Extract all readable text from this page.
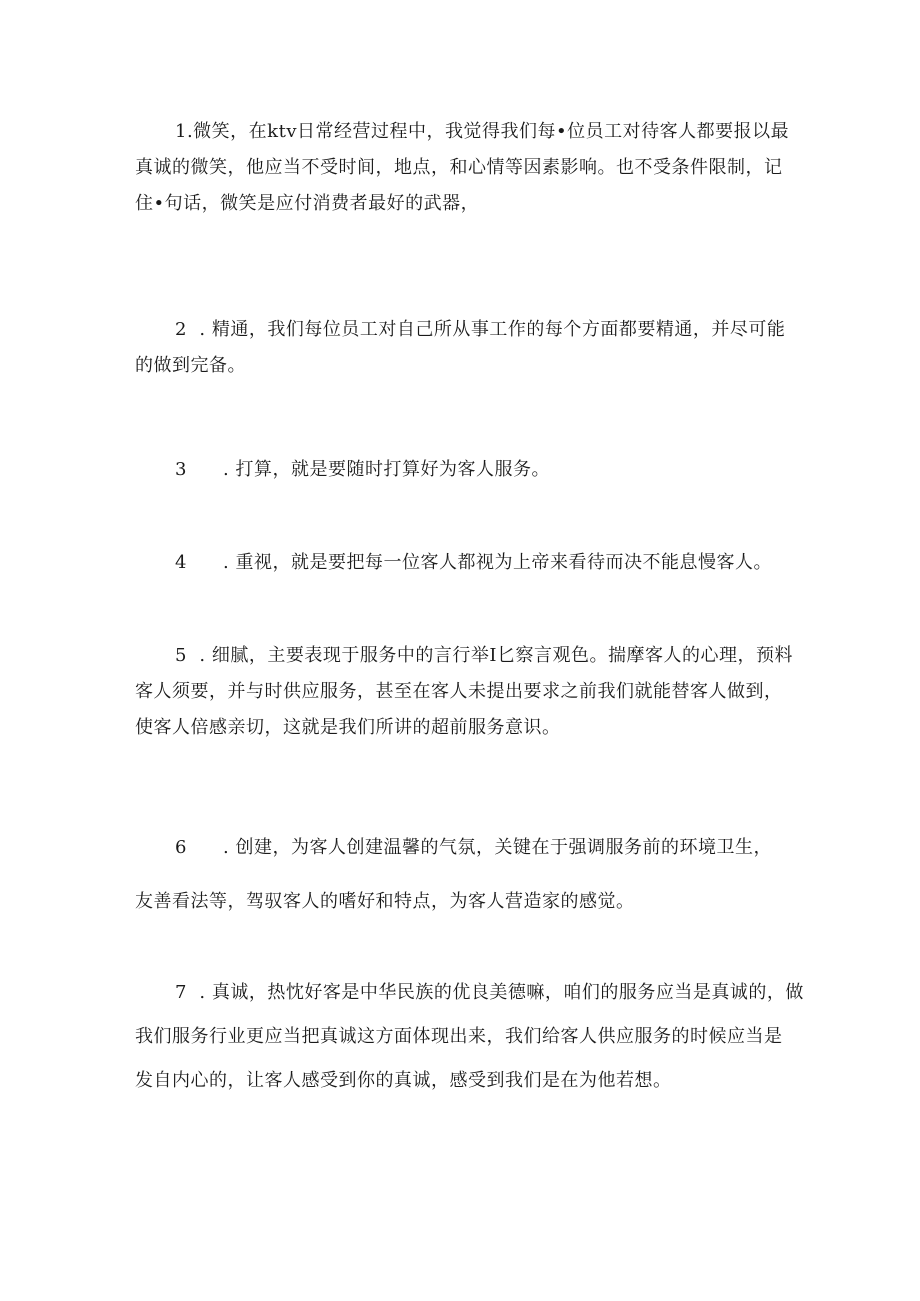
1.微笑，在ktv日常经营过程中，我觉得我们每•位员工对待客人都要报以最
真诚的微笑，他应当不受时间，地点，和心情等因素影响。也不受条件限制，记
住•句话，微笑是应付消费者最好的武器，

2  . 精通，我们每位员工对自己所从事工作的每个方面都要精通，并尽可能
的做到完备。

3 . 打算，就是要随时打算好为客人服务。

4 . 重视，就是要把每一位客人都视为上帝来看待而决不能息慢客人。

5  . 细腻，主要表现于服务中的言行举I匕察言观色。揣摩客人的心理，预料
客人须要，并与时供应服务，甚至在客人未提出要求之前我们就能替客人做到，
使客人倍感亲切，这就是我们所讲的超前服务意识。

6 . 创建，为客人创建温馨的气氛，关键在于强调服务前的环境卫生，
友善看法等，驾驭客人的嗜好和特点，为客人营造家的感觉。

7  . 真诚，热忱好客是中华民族的优良美德嘛，咱们的服务应当是真诚的，做
我们服务行业更应当把真诚这方面体现出来，我们给客人供应服务的时候应当是
发自内心的，让客人感受到你的真诚，感受到我们是在为他若想。
